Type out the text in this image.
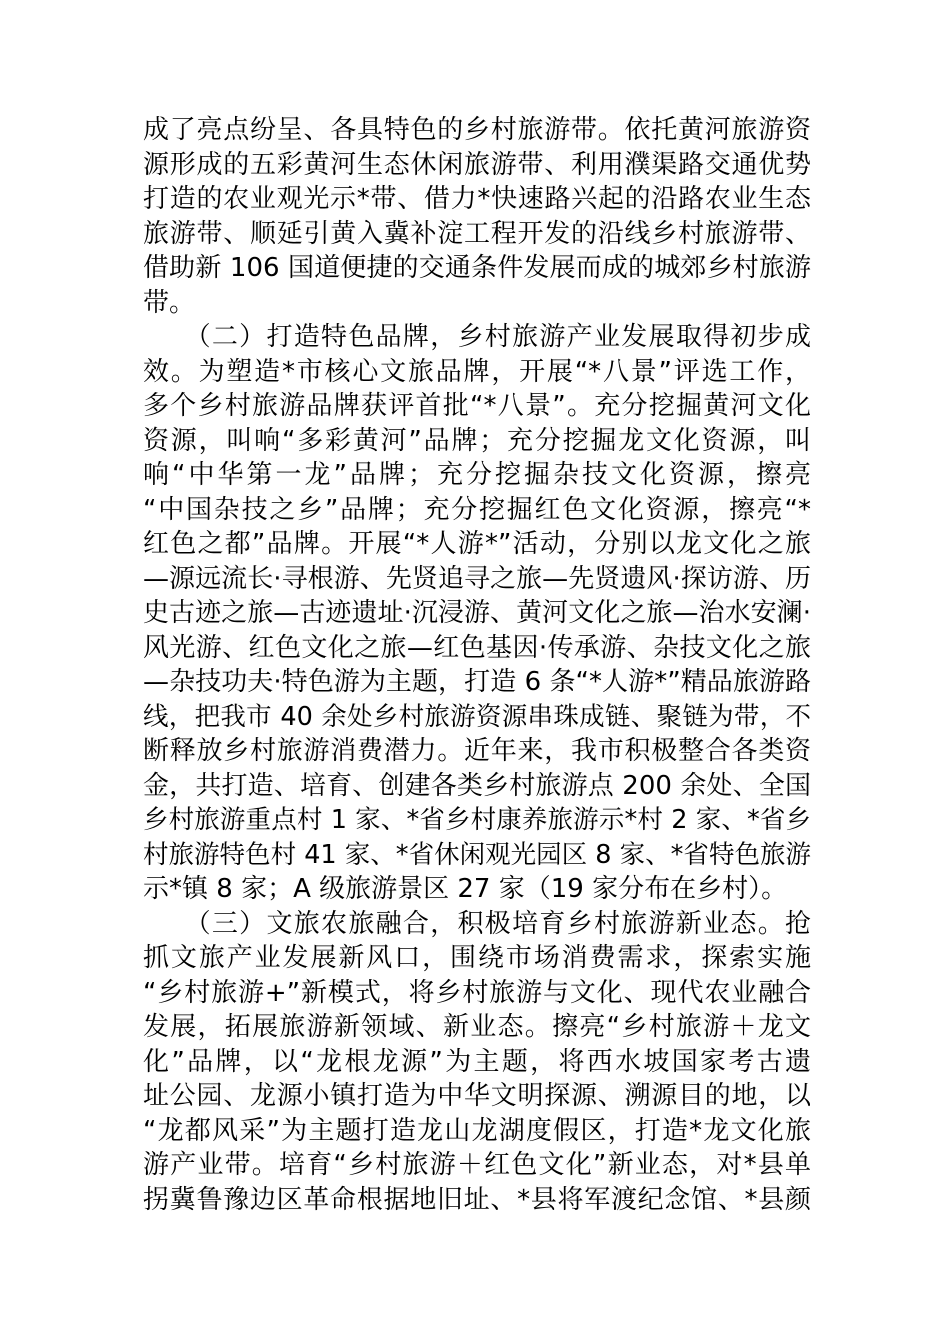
成了亮点纷呈、各具特色的乡村旅游带。依托黄河旅游资
源形成的五彩黄河生态休闲旅游带、利用濮渠路交通优势
打造的农业观光示*带、借力*快速路兴起的沿路农业生态
旅游带、顺延引黄入冀补淀工程开发的沿线乡村旅游带、
借助新 106 国道便捷的交通条件发展而成的城郊乡村旅游
带。
　　（二）打造特色品牌，乡村旅游产业发展取得初步成
效。为塑造*市核心文旅品牌，开展“*八景”评选工作，
多个乡村旅游品牌获评首批“*八景”。充分挖掘黄河文化
资源，叫响“多彩黄河”品牌；充分挖掘龙文化资源，叫
响“中华第一龙”品牌；充分挖掘杂技文化资源，擦亮
“中国杂技之乡”品牌；充分挖掘红色文化资源，擦亮“*
红色之都”品牌。开展“*人游*”活动，分别以龙文化之旅
—源远流长·寻根游、先贤追寻之旅—先贤遗风·探访游、历
史古迹之旅—古迹遗址·沉浸游、黄河文化之旅—治水安澜·
风光游、红色文化之旅—红色基因·传承游、杂技文化之旅
—杂技功夫·特色游为主题，打造 6 条“*人游*”精品旅游路
线，把我市 40 余处乡村旅游资源串珠成链、聚链为带，不
断释放乡村旅游消费潜力。近年来，我市积极整合各类资
金，共打造、培育、创建各类乡村旅游点 200 余处、全国
乡村旅游重点村 1 家、*省乡村康养旅游示*村 2 家、*省乡
村旅游特色村 41 家、*省休闲观光园区 8 家、*省特色旅游
示*镇 8 家；A 级旅游景区 27 家（19 家分布在乡村）。
　　（三）文旅农旅融合，积极培育乡村旅游新业态。抢
抓文旅产业发展新风口，围绕市场消费需求，探索实施
“乡村旅游+”新模式，将乡村旅游与文化、现代农业融合
发展，拓展旅游新领域、新业态。擦亮“乡村旅游＋龙文
化”品牌，以“龙根龙源”为主题，将西水坡国家考古遗
址公园、龙源小镇打造为中华文明探源、溯源目的地，以
“龙都风采”为主题打造龙山龙湖度假区，打造*龙文化旅
游产业带。培育“乡村旅游＋红色文化”新业态，对*县单
拐冀鲁豫边区革命根据地旧址、*县将军渡纪念馆、*县颜
